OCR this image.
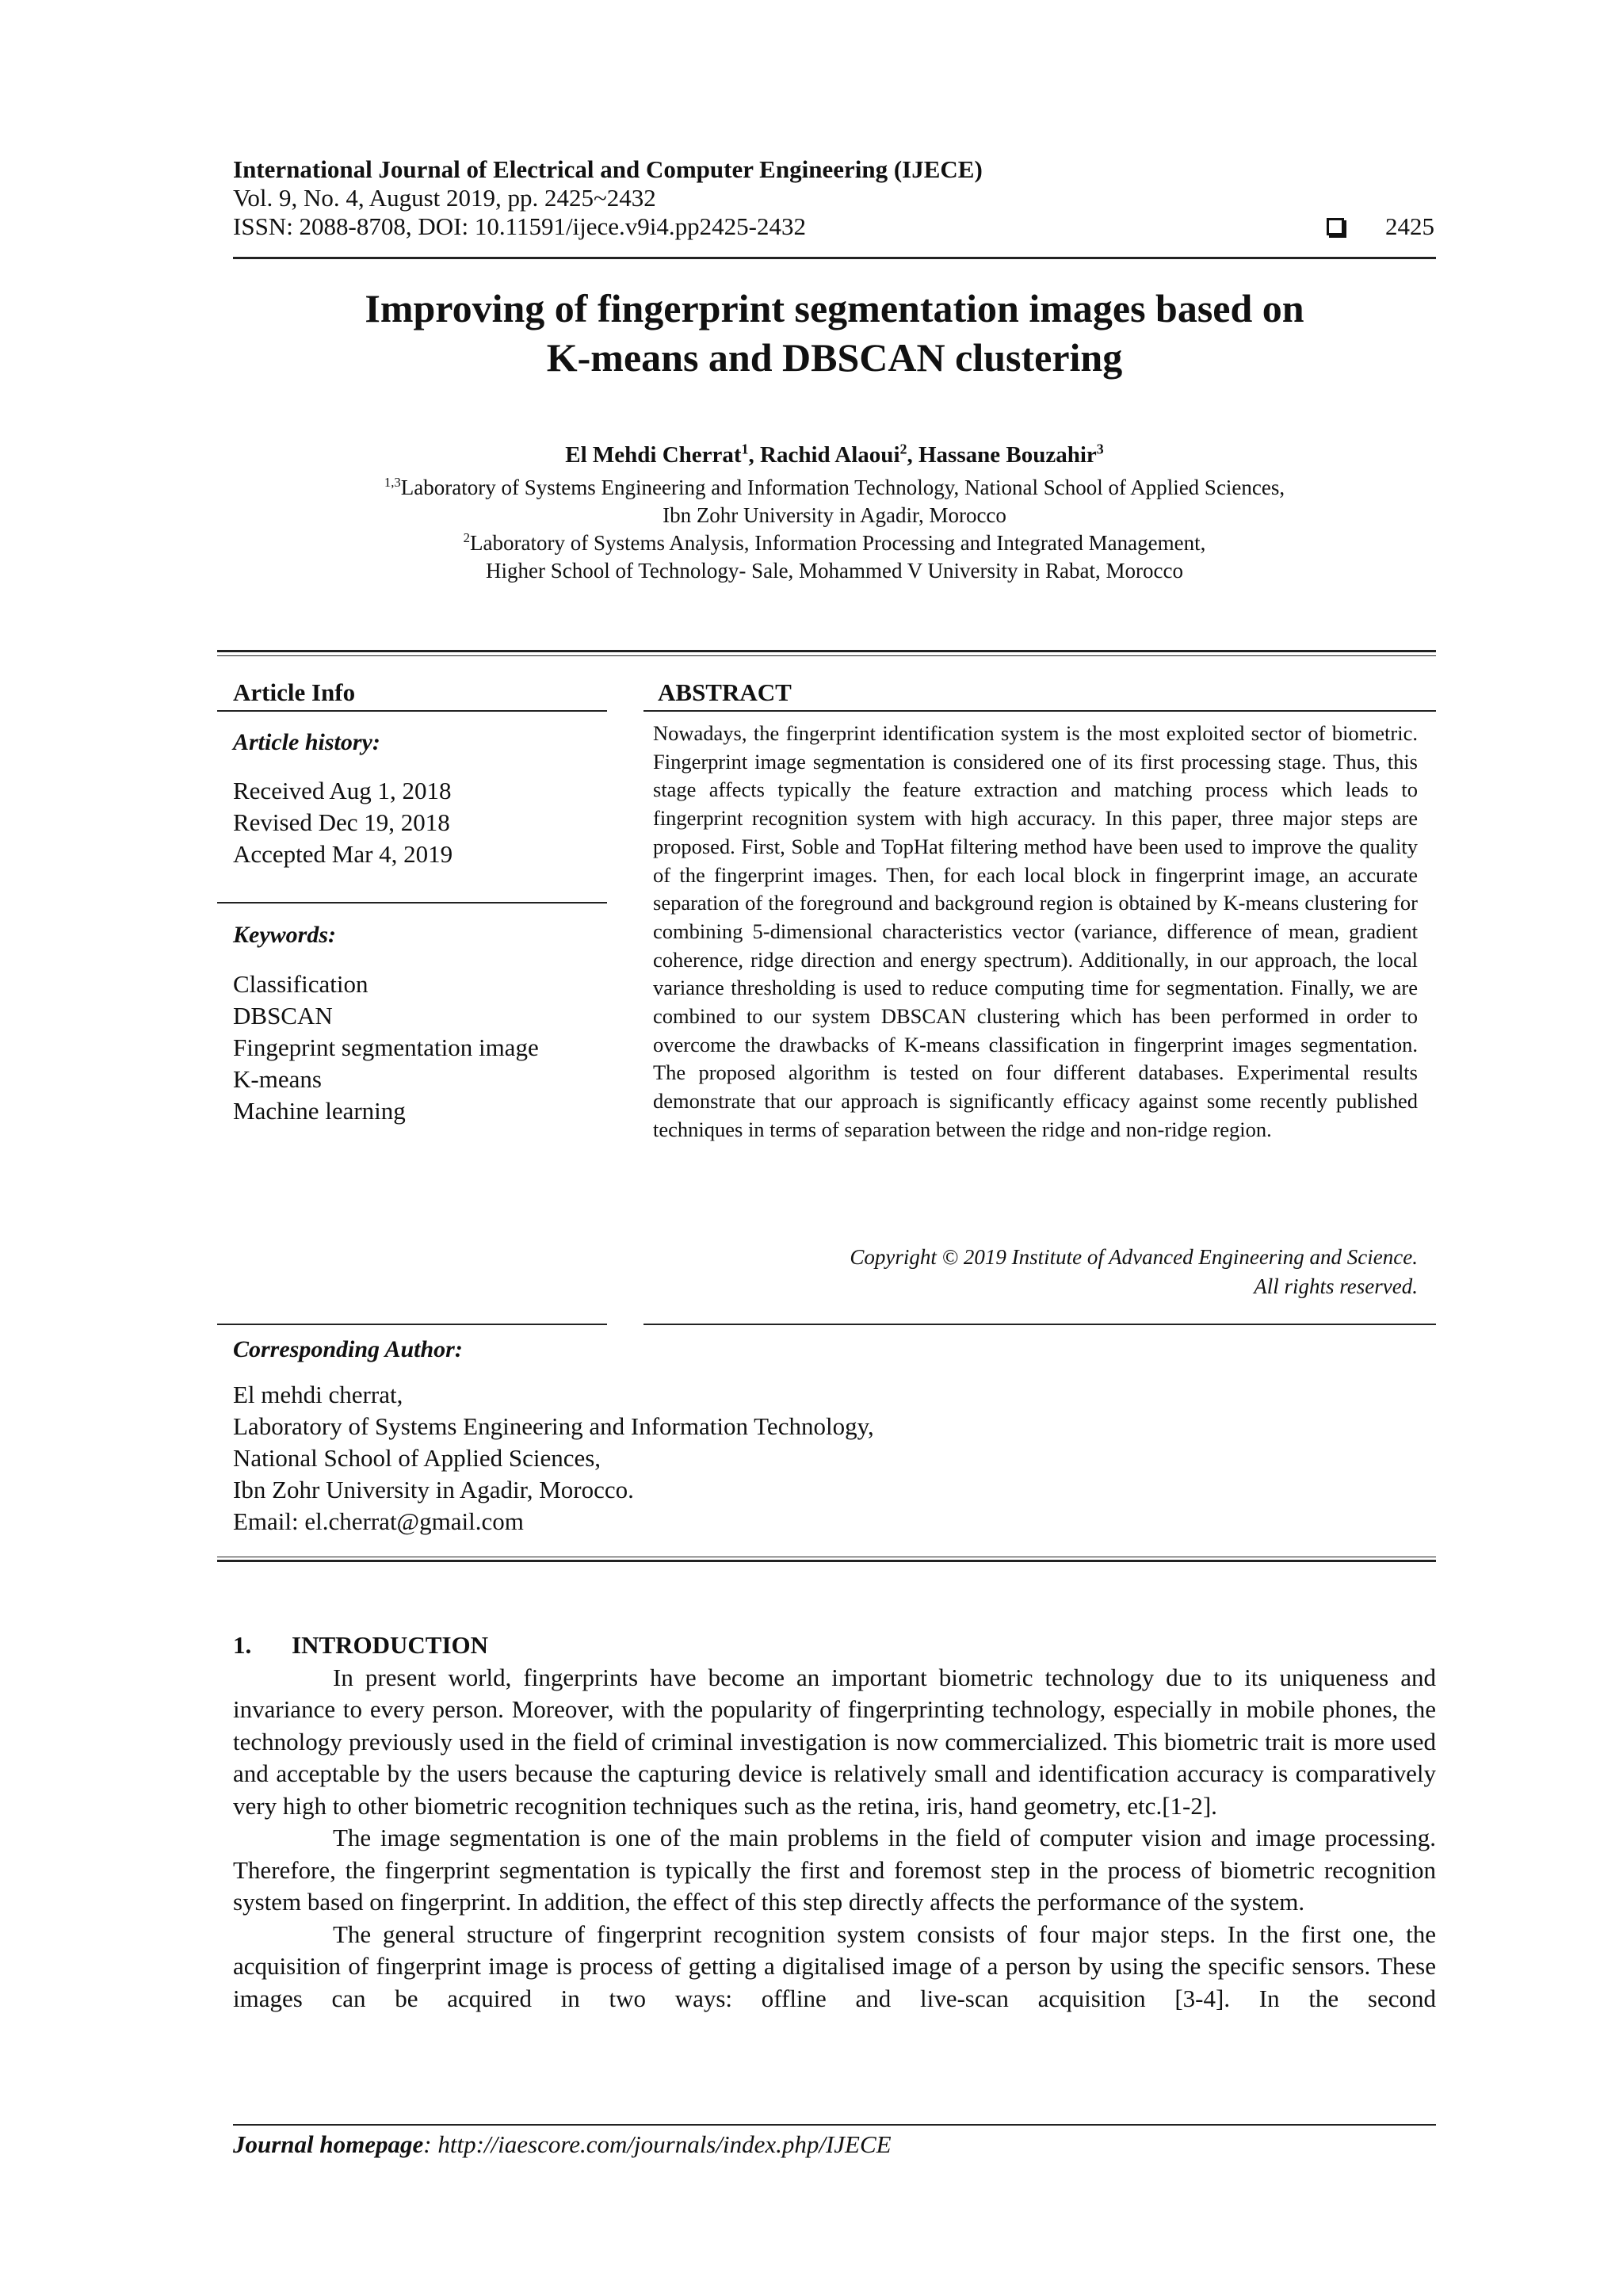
International Journal of Electrical and Computer Engineering (IJECE)
Vol. 9, No. 4, August 2019, pp. 2425~2432
ISSN: 2088-8708, DOI: 10.11591/ijece.v9i4.pp2425-2432	2425
Improving of fingerprint segmentation images based on
K-means and DBSCAN clustering
El Mehdi Cherrat$^1$, Rachid Alaoui$^2$, Hassane Bouzahir$^3$
$^{1,3}$Laboratory of Systems Engineering and Information Technology, National School of Applied Sciences,
Ibn Zohr University in Agadir, Morocco
$^2$Laboratory of Systems Analysis, Information Processing and Integrated Management,
Higher School of Technology- Sale, Mohammed V University in Rabat, Morocco
Article Info
Article history:
Received Aug 1, 2018
Revised Dec 19, 2018
Accepted Mar 4, 2019
Keywords:
Classification
DBSCAN
Fingeprint segmentation image
K-means
Machine learning
ABSTRACT
Nowadays, the fingerprint identification system is the most exploited sector of biometric. Fingerprint image segmentation is considered one of its first processing stage. Thus, this stage affects typically the feature extraction and matching process which leads to fingerprint recognition system with high accuracy. In this paper, three major steps are proposed. First, Soble and TopHat filtering method have been used to improve the quality of the fingerprint images. Then, for each local block in fingerprint image, an accurate separation of the foreground and background region is obtained by K-means clustering for combining 5-dimensional characteristics vector (variance, difference of mean, gradient coherence, ridge direction and energy spectrum). Additionally, in our approach, the local variance thresholding is used to reduce computing time for segmentation. Finally, we are combined to our system DBSCAN clustering which has been performed in order to overcome the drawbacks of K-means classification in fingerprint images segmentation. The proposed algorithm is tested on four different databases. Experimental results demonstrate that our approach is significantly efficacy against some recently published techniques in terms of separation between the ridge and non-ridge region.
Copyright © 2019 Institute of Advanced Engineering and Science.
All rights reserved.
Corresponding Author:
El mehdi cherrat,
Laboratory of Systems Engineering and Information Technology,
National School of Applied Sciences,
Ibn Zohr University in Agadir, Morocco.
Email: el.cherrat@gmail.com
1. INTRODUCTION

In present world, fingerprints have become an important biometric technology due to its uniqueness and invariance to every person. Moreover, with the popularity of fingerprinting technology, especially in mobile phones, the technology previously used in the field of criminal investigation is now commercialized. This biometric trait is more used and acceptable by the users because the capturing device is relatively small and identification accuracy is comparatively very high to other biometric recognition techniques such as the retina, iris, hand geometry, etc.[1-2].

The image segmentation is one of the main problems in the field of computer vision and image processing. Therefore, the fingerprint segmentation is typically the first and foremost step in the process of biometric recognition system based on fingerprint. In addition, the effect of this step directly affects the performance of the system.

The general structure of fingerprint recognition system consists of four major steps. In the first one, the acquisition of fingerprint image is process of getting a digitalised image of a person by using the specific sensors. These images can be acquired in two ways: offline and live-scan acquisition [3-4]. In the second

Journal homepage: http://iaescore.com/journals/index.php/IJECE
